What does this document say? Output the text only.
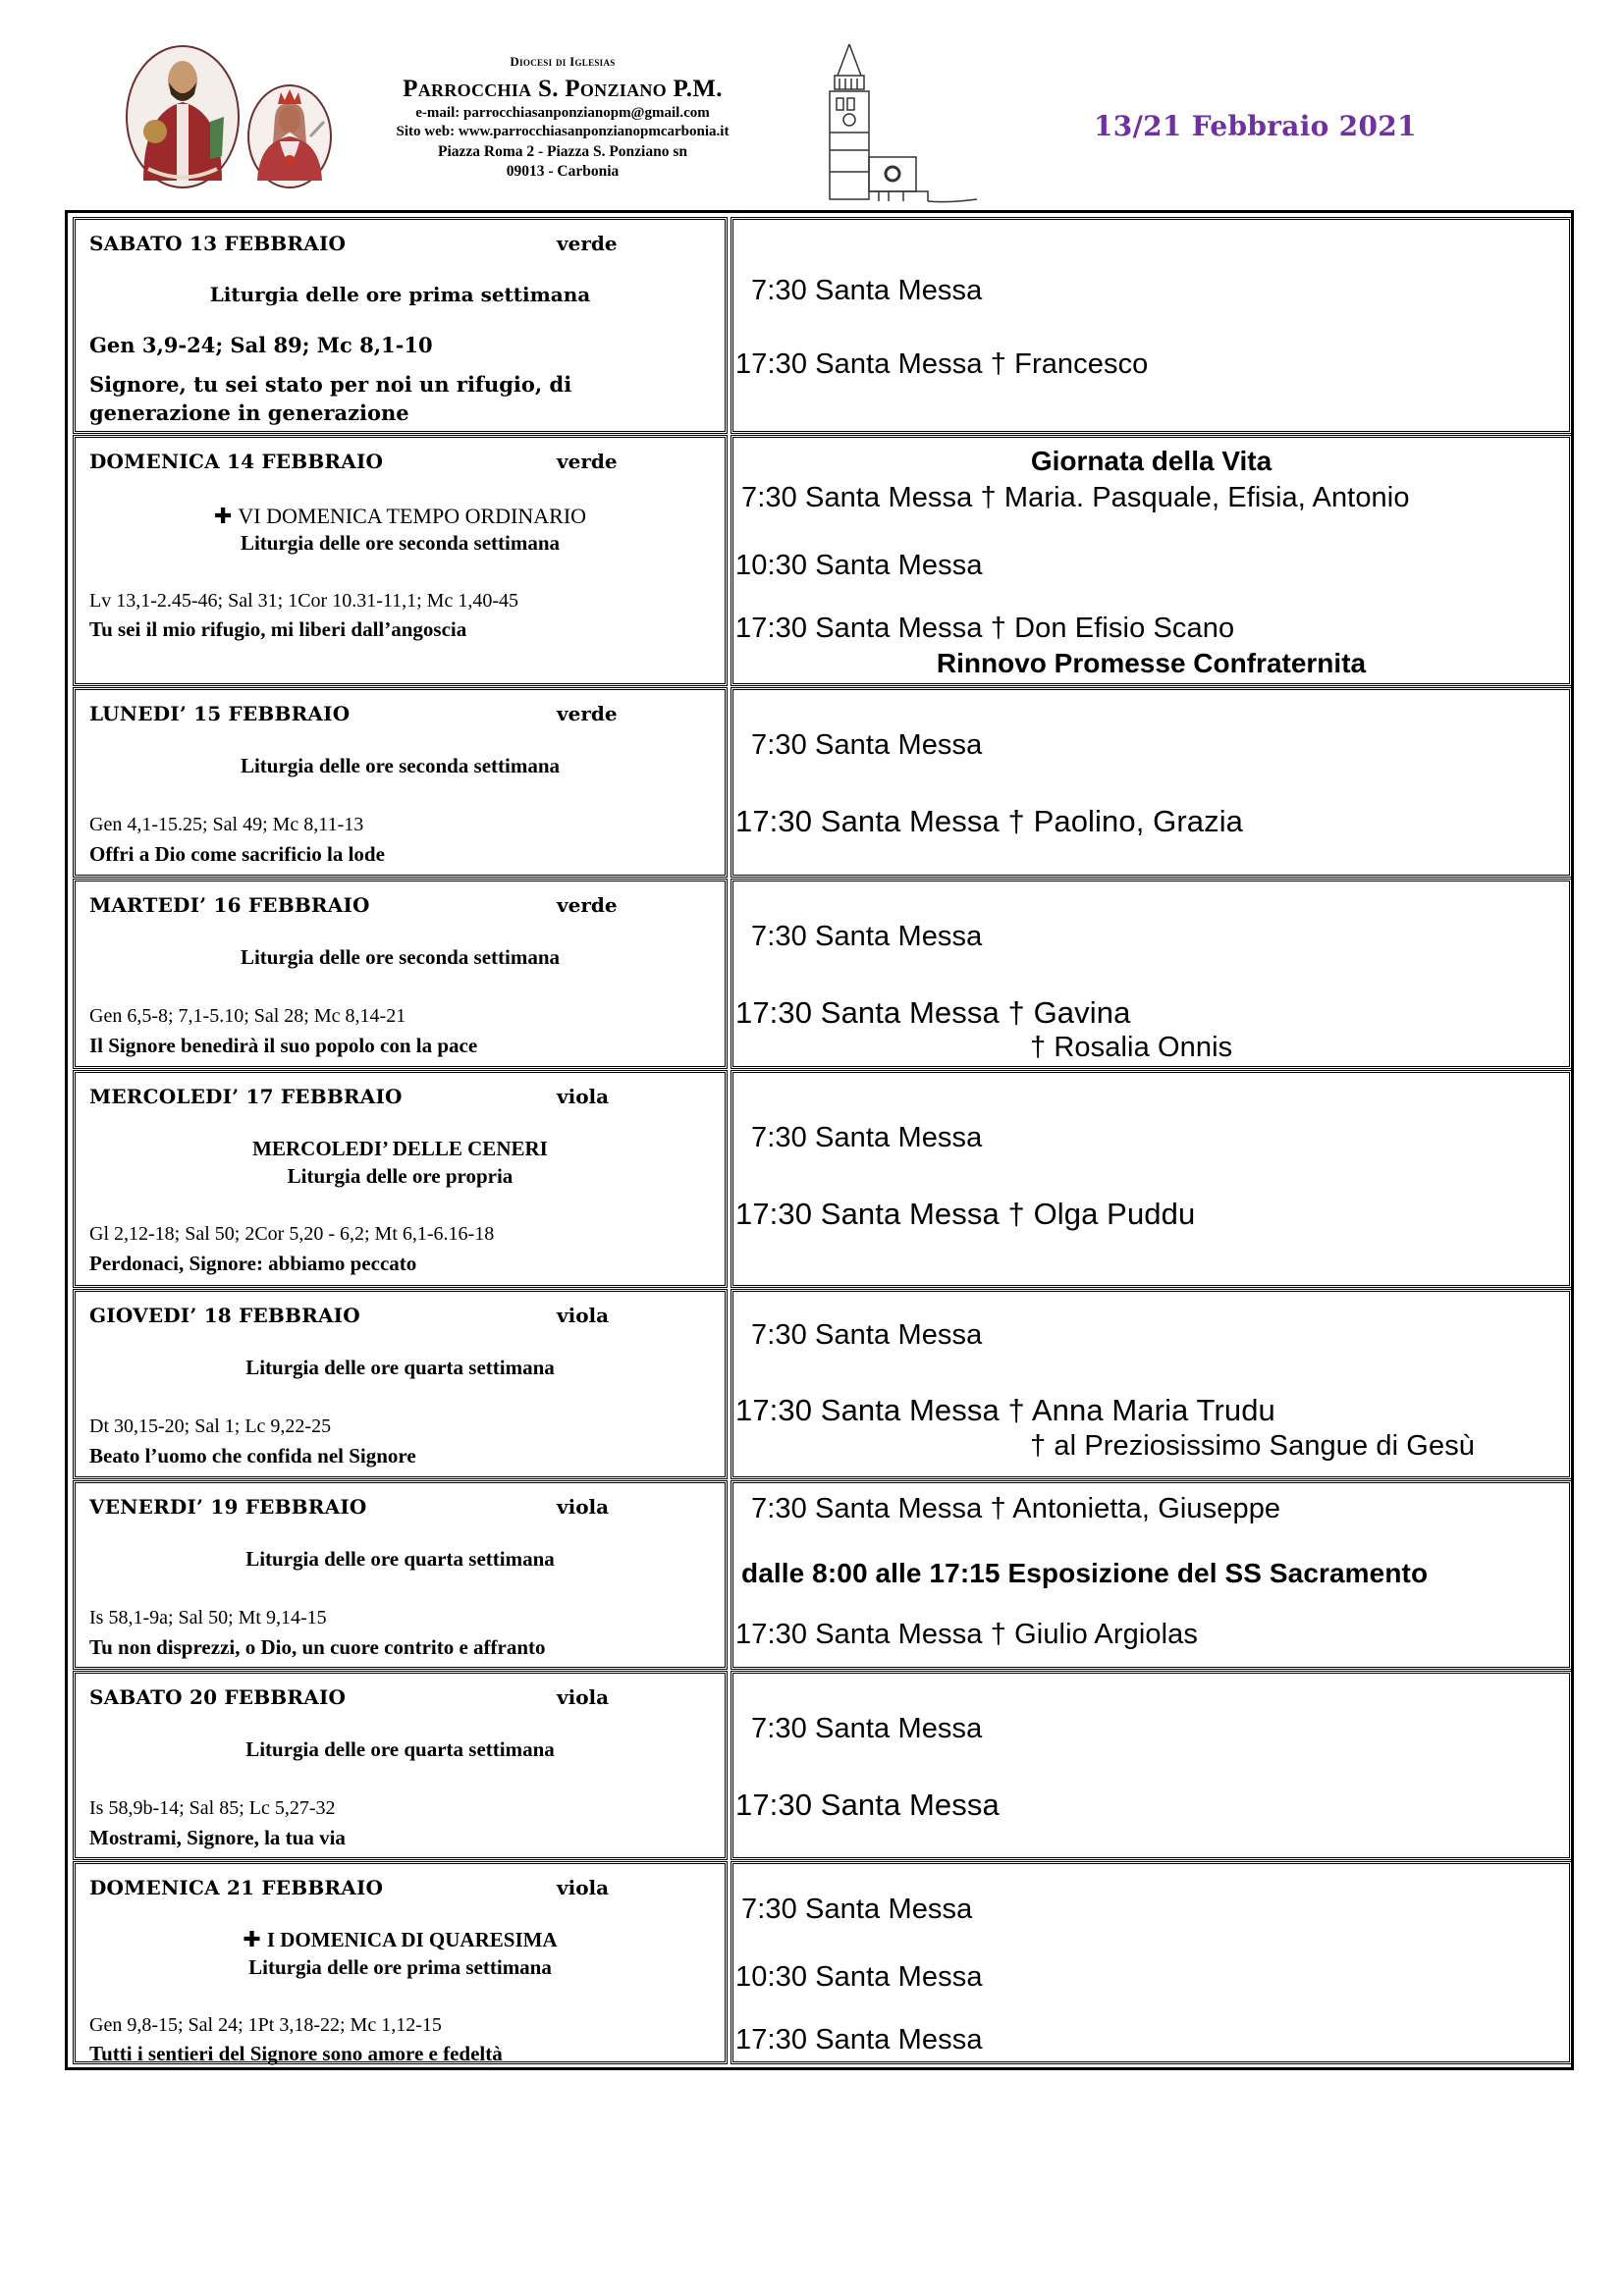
Diocesi di Iglesias
Parrocchia S. Ponziano P.M.
e-mail: parrocchiasanponzianopm@gmail.com
Sito web: www.parrocchiasanponzianopmcarbonia.it
Piazza Roma 2 - Piazza S. Ponziano sn
09013 - Carbonia
13/21 Febbraio 2021
SABATO 13 FEBBRAIO	verde
Liturgia delle ore prima settimana
Gen 3,9-24; Sal 89; Mc 8,1-10
Signore, tu sei stato per noi un rifugio, di
generazione in generazione
7:30 Santa Messa
17:30 Santa Messa † Francesco
DOMENICA 14 FEBBRAIO
✚ VI DOMENICA TEMPO ORDINARIO
verde
Liturgia delle ore seconda settimana
Lv 13,1-2.45-46; Sal 31; 1Cor 10.31-11,1; Mc 1,40-45
Tu sei il mio rifugio, mi liberi dall’angoscia
Giornata della Vita
7:30 Santa Messa † Maria. Pasquale, Efisia, Antonio
10:30 Santa Messa
17:30 Santa Messa † Don Efisio Scano
Rinnovo Promesse Confraternita
LUNEDI’ 15 FEBBRAIO	verde
Liturgia delle ore seconda settimana
Gen 4,1-15.25; Sal 49; Mc 8,11-13
Offri a Dio come sacrificio la lode
7:30 Santa Messa
17:30 Santa Messa † Paolino, Grazia
MARTEDI’ 16 FEBBRAIO	verde
Liturgia delle ore seconda settimana
Gen 6,5-8; 7,1-5.10; Sal 28; Mc 8,14-21
Il Signore benedirà il suo popolo con la pace
7:30 Santa Messa
17:30 Santa Messa † Gavina
† Rosalia Onnis
MERCOLEDI’ 17 FEBBRAIO	viola
MERCOLEDI’ DELLE CENERI
Liturgia delle ore propria
Gl 2,12-18; Sal 50; 2Cor 5,20 - 6,2; Mt 6,1-6.16-18
Perdonaci, Signore: abbiamo peccato
7:30 Santa Messa
17:30 Santa Messa † Olga Puddu
GIOVEDI’ 18 FEBBRAIO	viola
Liturgia delle ore quarta settimana
Dt 30,15-20; Sal 1; Lc 9,22-25
Beato l’uomo che confida nel Signore
7:30 Santa Messa
17:30 Santa Messa † Anna Maria Trudu
† al Preziosissimo Sangue di Gesù
VENERDI’ 19 FEBBRAIO	viola
Liturgia delle ore quarta settimana
Is 58,1-9a; Sal 50; Mt 9,14-15
Tu non disprezzi, o Dio, un cuore contrito e affranto
7:30 Santa Messa † Antonietta, Giuseppe
dalle 8:00 alle 17:15 Esposizione del SS Sacramento
17:30 Santa Messa † Giulio Argiolas
SABATO 20 FEBBRAIO	viola
Liturgia delle ore quarta settimana
Is 58,9b-14; Sal 85; Lc 5,27-32
Mostrami, Signore, la tua via
7:30 Santa Messa
17:30 Santa Messa
DOMENICA 21 FEBBRAIO	viola
✚ I DOMENICA DI QUARESIMA
Liturgia delle ore prima settimana
Gen 9,8-15; Sal 24; 1Pt 3,18-22; Mc 1,12-15
Tutti i sentieri del Signore sono amore e fedeltà
7:30 Santa Messa
10:30 Santa Messa
17:30 Santa Messa
